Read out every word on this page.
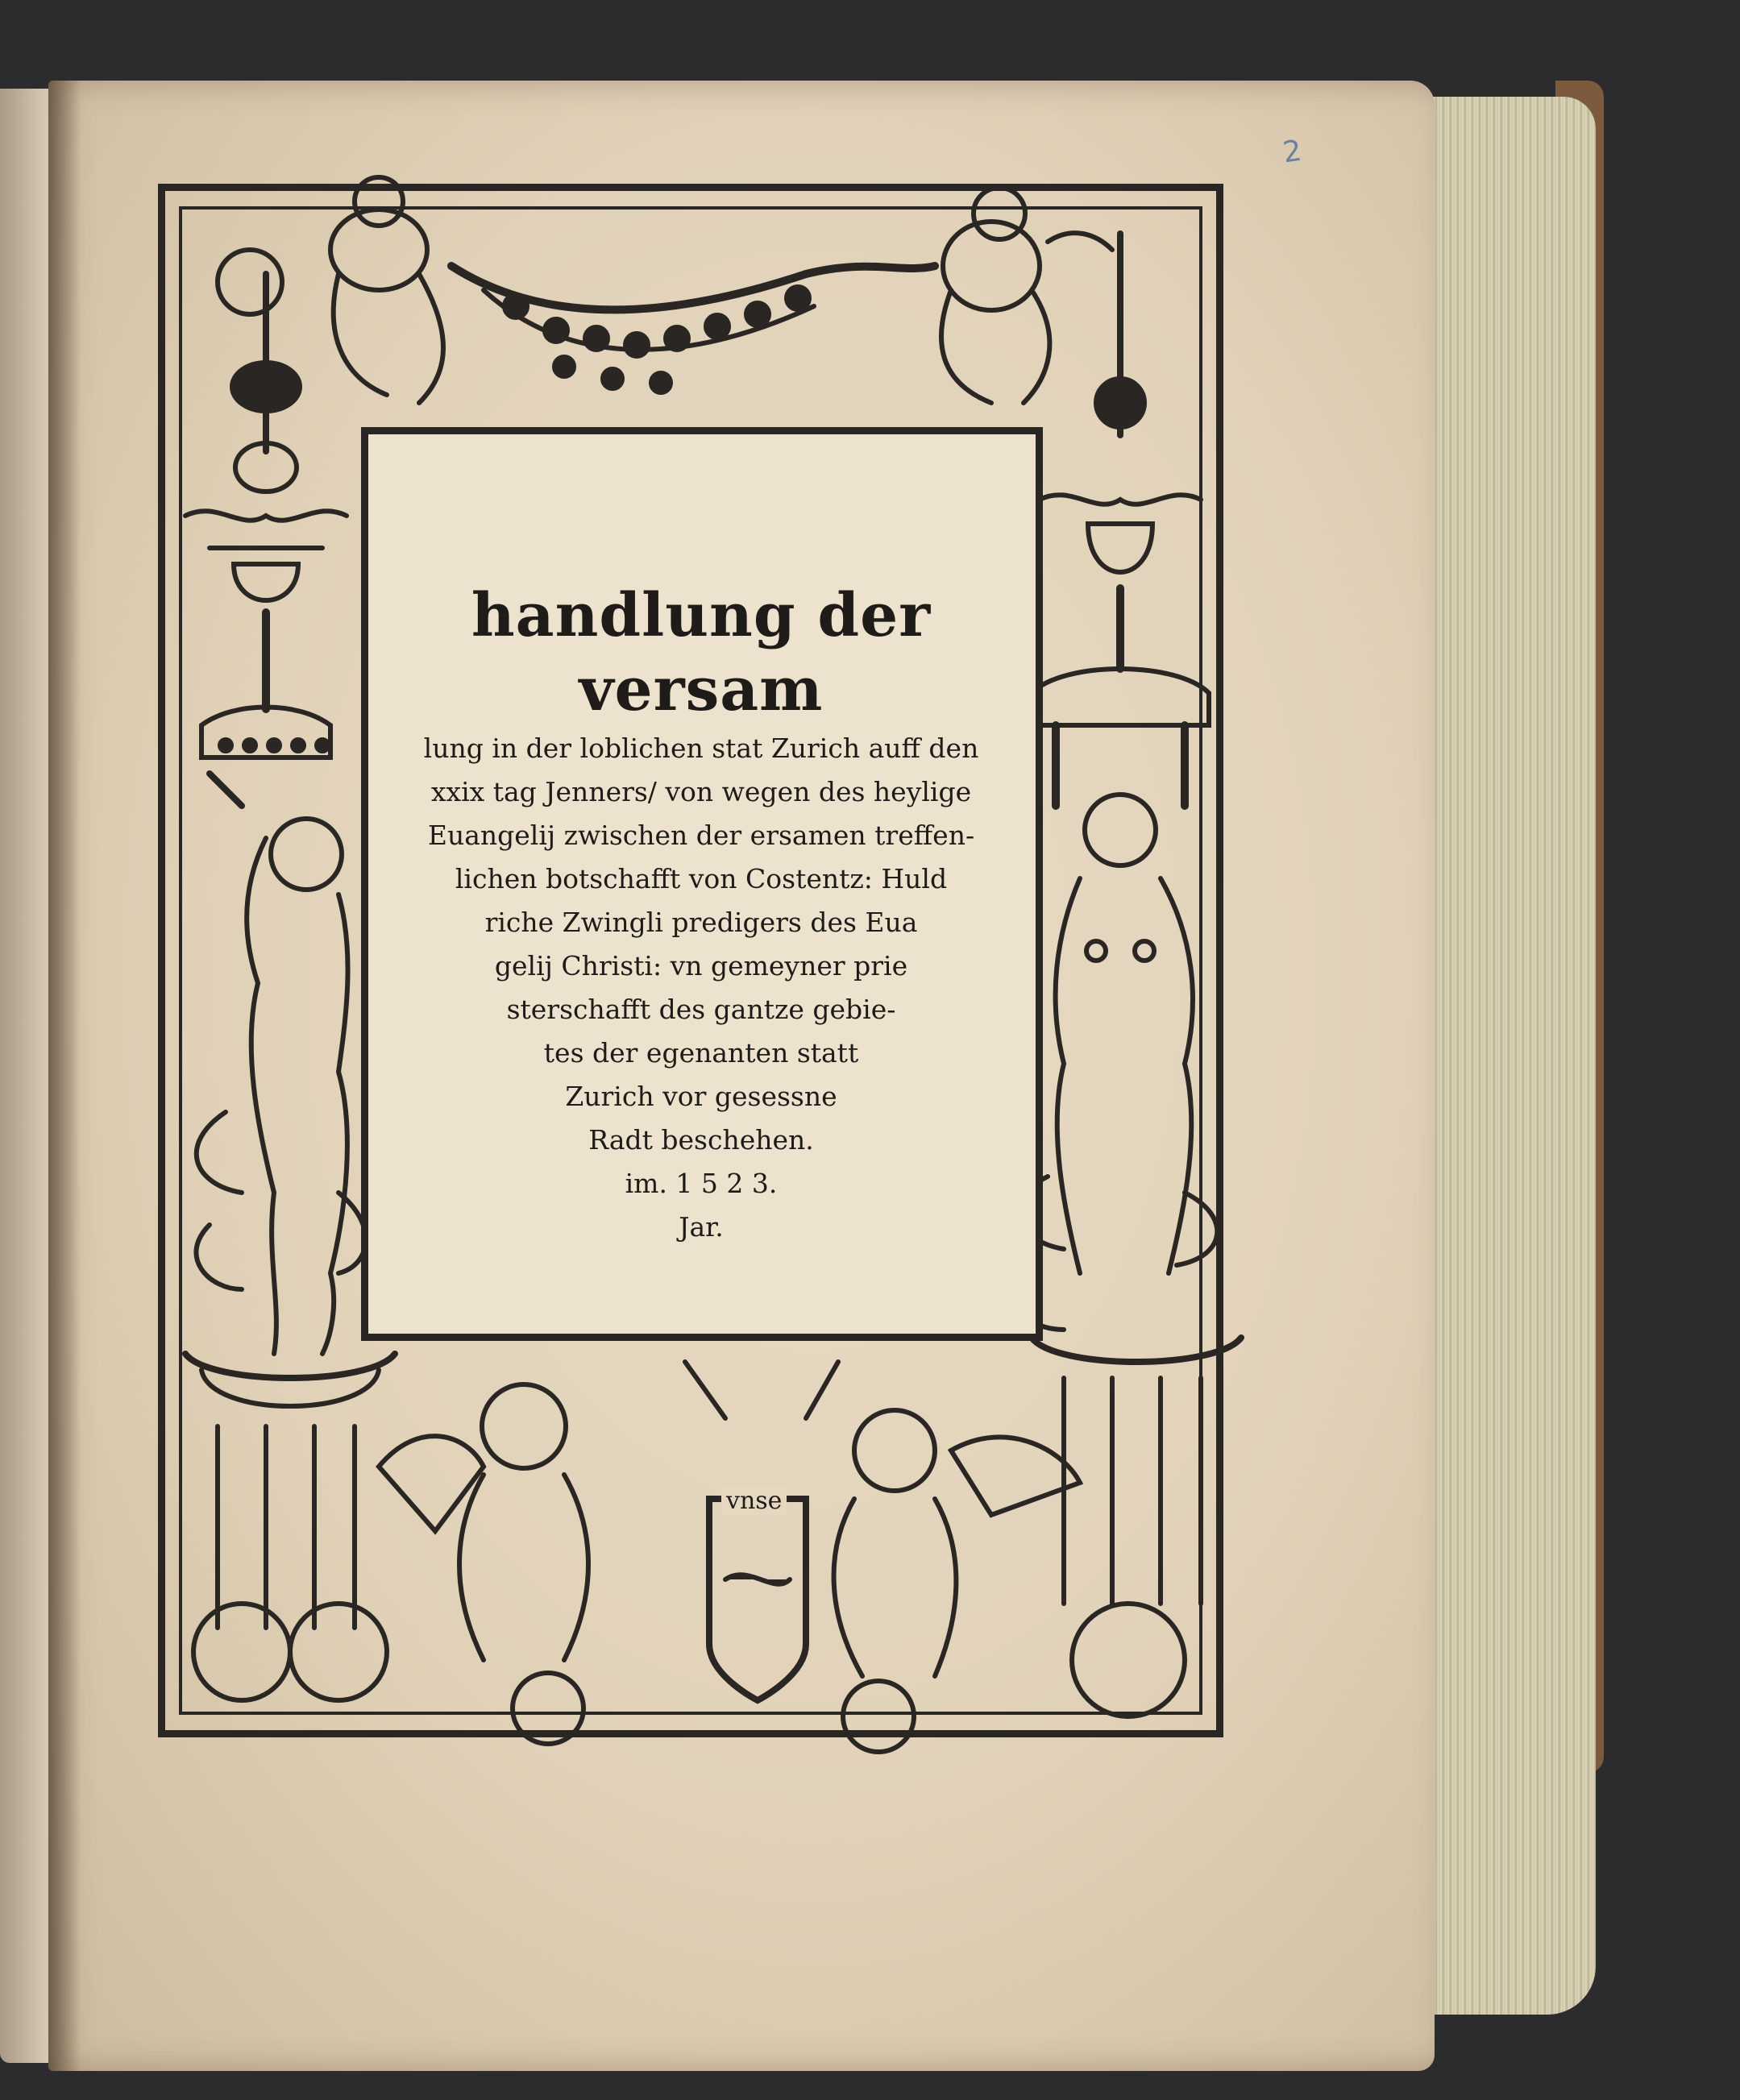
2
handlung der versam
lung in der loblichen stat Zurich auff den
xxix tag Jenners/ von wegen des heylige
Euangelij zwischen der ersamen treffen-
lichen botschafft von Costentz: Huld
riche Zwingli predigers des Eua
gelij Christi: vn gemeyner prie
sterschafft des gantze gebie-
tes der egenanten statt
Zurich vor gesessne
Radt beschehen.
im. 1 5 2 3.
Jar.
vnse
